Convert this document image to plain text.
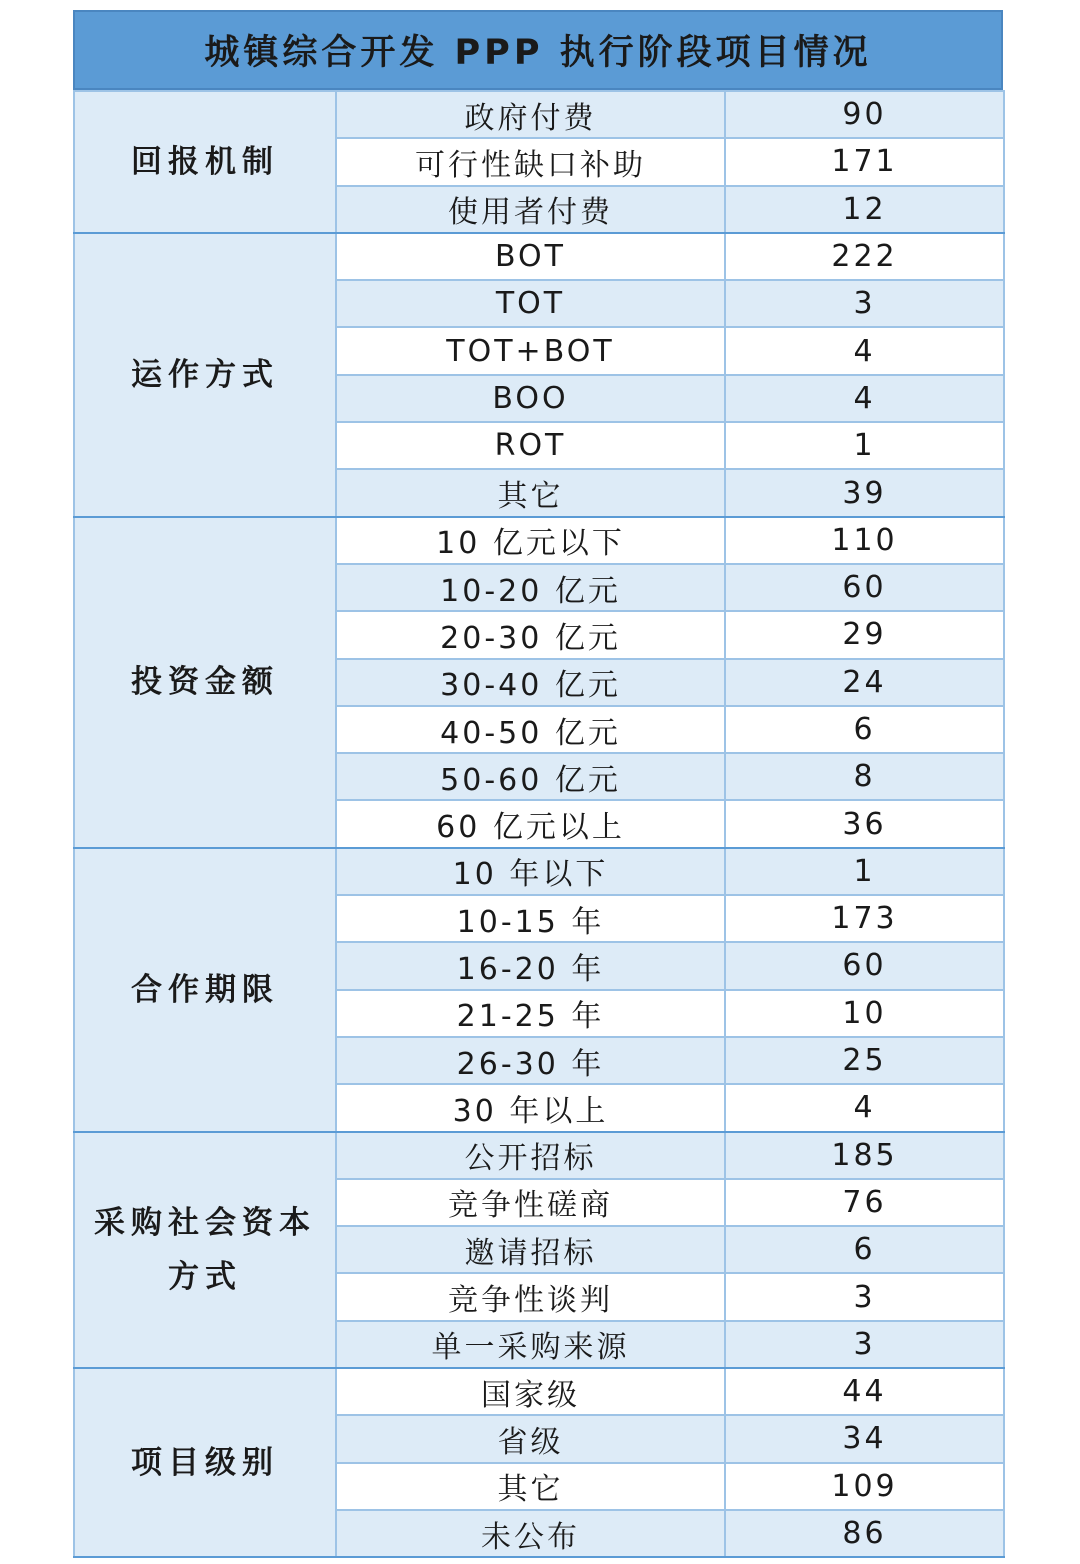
城镇综合开发 PPP 执行阶段项目情况
回报机制	政府付费	90
	可行性缺口补助	171
	使用者付费	12
运作方式	BOT	222
	TOT	3
	TOT+BOT	4
	BOO	4
	ROT	1
	其它	39
投资金额	10 亿元以下	110
	10-20 亿元	60
	20-30 亿元	29
	30-40 亿元	24
	40-50 亿元	6
	50-60 亿元	8
	60 亿元以上	36
合作期限	10 年以下	1
	10-15 年	173
	16-20 年	60
	21-25 年	10
	26-30 年	25
	30 年以上	4
采购社会资本方式	公开招标	185
	竞争性磋商	76
	邀请招标	6
	竞争性谈判	3
	单一采购来源	3
项目级别	国家级	44
	省级	34
	其它	109
	未公布	86
